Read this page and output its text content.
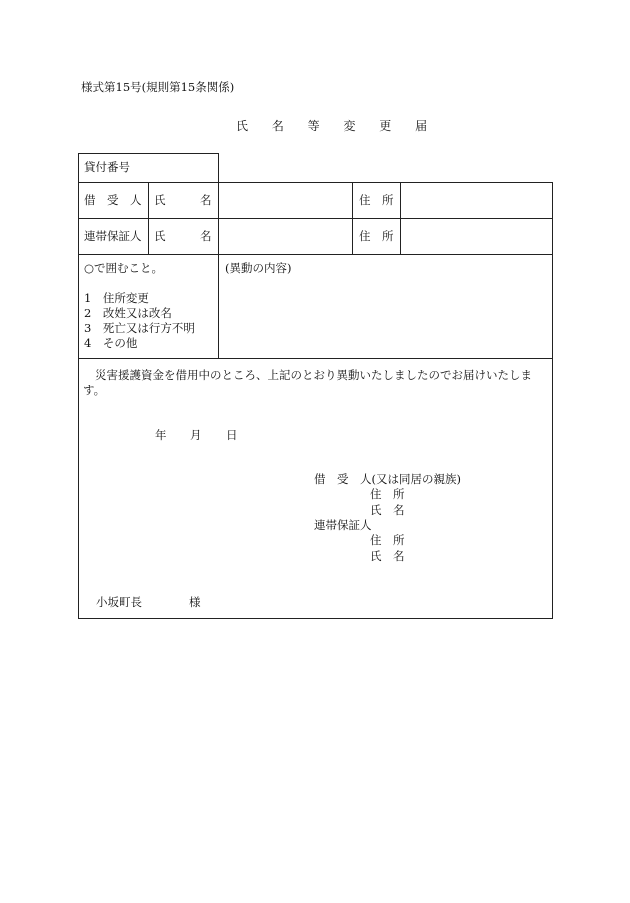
様式第15号(規則第15条関係)
氏 名 等 変 更 届
貸付番号
借　受　人 氏　　　名	住　所
連帯保証人 氏　　　名	住　所
○で囲むこと。
1　住所変更
2　改姓又は改名
3　死亡又は行方不明
4　その他
(異動の内容)
災害援護資金を借用中のところ、上記のとおり異動いたしましたのでお届けいたします。
年 月 日
借　受　人(又は同居の親族)
住　所
氏　名
連帯保証人
住　所
氏　名
小坂町長	様
